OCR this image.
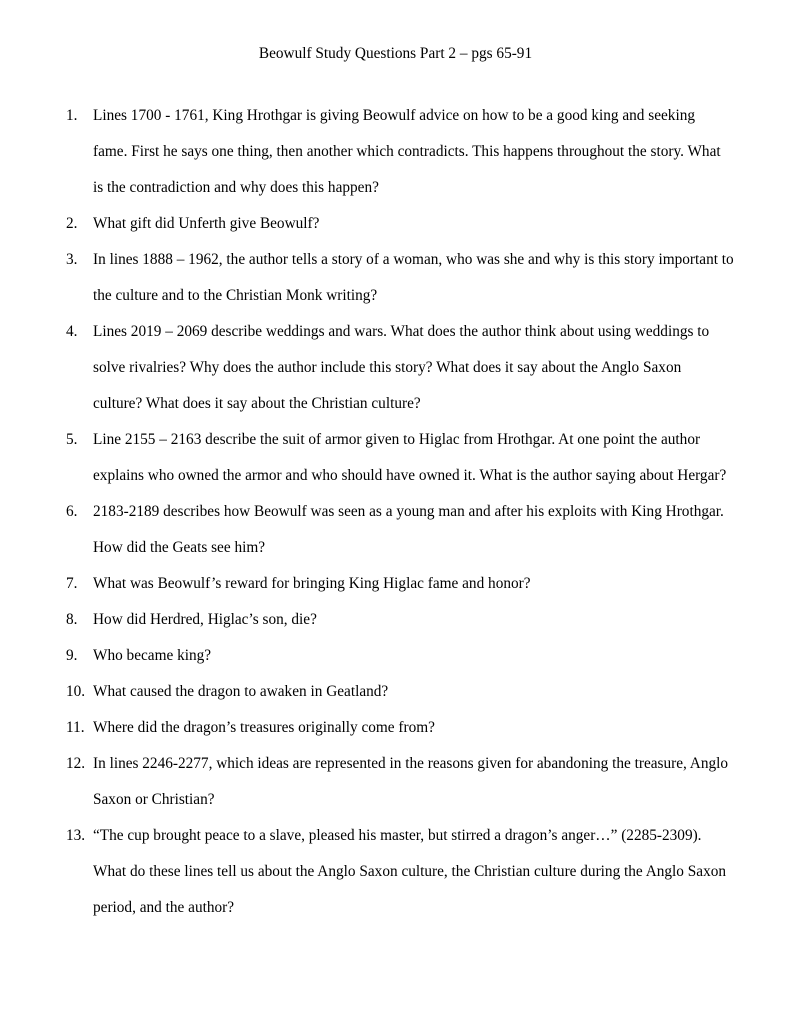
Beowulf Study Questions Part 2 – pgs 65-91
1.	Lines 1700 - 1761, King Hrothgar is giving Beowulf advice on how to be a good king and seeking
fame. First he says one thing, then another which contradicts. This happens throughout the story. What
is the contradiction and why does this happen?
2.	What gift did Unferth give Beowulf?
3.	In lines 1888 – 1962, the author tells a story of a woman, who was she and why is this story important to
the culture and to the Christian Monk writing?
4.	Lines 2019 – 2069 describe weddings and wars. What does the author think about using weddings to
solve rivalries? Why does the author include this story? What does it say about the Anglo Saxon
culture? What does it say about the Christian culture?
5.	Line 2155 – 2163 describe the suit of armor given to Higlac from Hrothgar. At one point the author
explains who owned the armor and who should have owned it. What is the author saying about Hergar?
6.	2183-2189 describes how Beowulf was seen as a young man and after his exploits with King Hrothgar.
How did the Geats see him?
7.	What was Beowulf’s reward for bringing King Higlac fame and honor?
8.	How did Herdred, Higlac’s son, die?
9.	Who became king?
10. What caused the dragon to awaken in Geatland?
11. Where did the dragon’s treasures originally come from?
12. In lines 2246-2277, which ideas are represented in the reasons given for abandoning the treasure, Anglo
Saxon or Christian?
13. “The cup brought peace to a slave, pleased his master, but stirred a dragon’s anger…” (2285-2309).
What do these lines tell us about the Anglo Saxon culture, the Christian culture during the Anglo Saxon
period, and the author?
